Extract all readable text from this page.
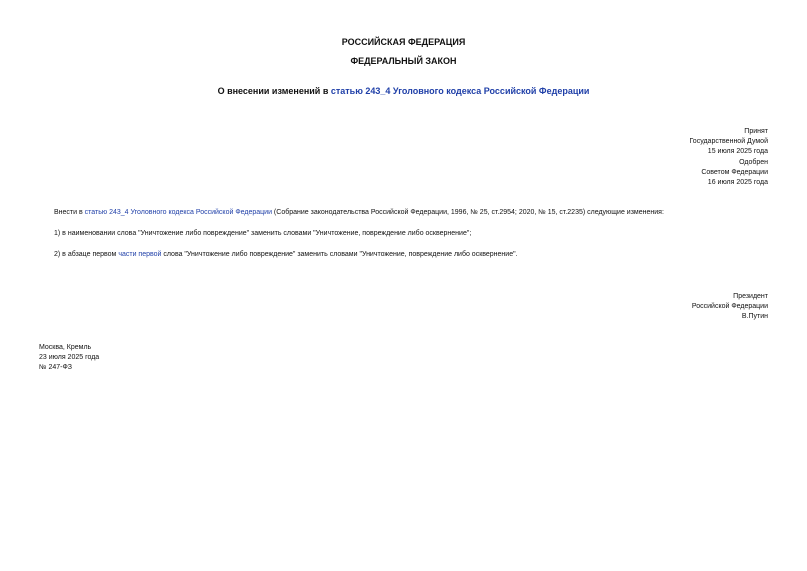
РОССИЙСКАЯ ФЕДЕРАЦИЯ
ФЕДЕРАЛЬНЫЙ ЗАКОН
О внесении изменений в статью 243_4 Уголовного кодекса Российской Федерации
Принят
Государственной Думой
15 июля 2025 года
Одобрен
Советом Федерации
16 июля 2025 года
Внести в статью 243_4 Уголовного кодекса Российской Федерации (Собрание законодательства Российской Федерации, 1996, № 25, ст.2954; 2020, № 15, ст.2235) следующие изменения:
1) в наименовании слова "Уничтожение либо повреждение" заменить словами "Уничтожение, повреждение либо осквернение";
2) в абзаце первом части первой слова "Уничтожение либо повреждение" заменить словами "Уничтожение, повреждение либо осквернение".
Президент
Российской Федерации
В.Путин
Москва, Кремль
23 июля 2025 года
№ 247-ФЗ
